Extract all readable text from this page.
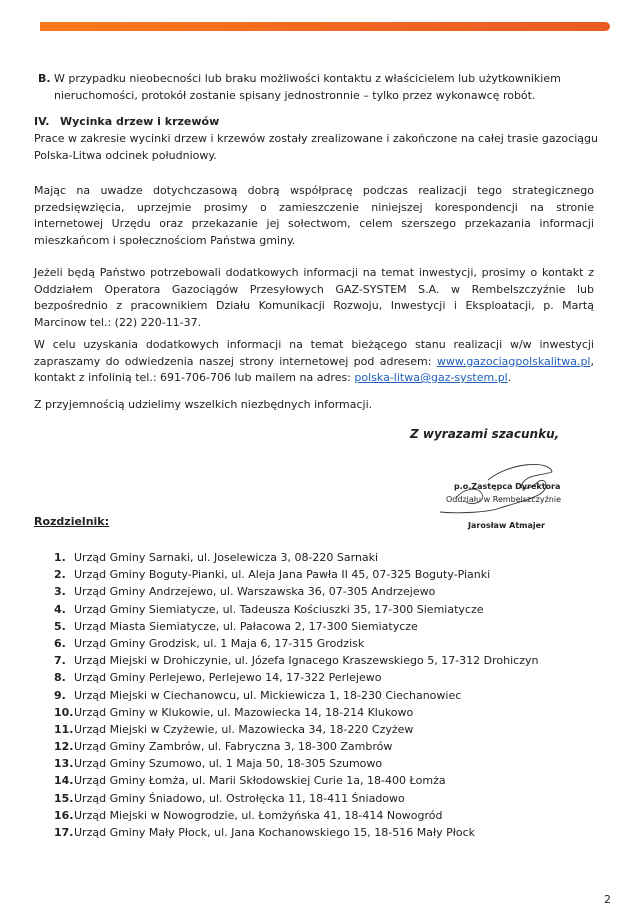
B. W przypadku nieobecności lub braku możliwości kontaktu z właścicielem lub użytkownikiem
nieruchomości, protokół zostanie spisany jednostronnie – tylko przez wykonawcę robót.
IV. Wycinka drzew i krzewów
Prace w zakresie wycinki drzew i krzewów zostały zrealizowane i zakończone na całej trasie gazociągu Polska-Litwa odcinek południowy.
Mając na uwadze dotychczasową dobrą współpracę podczas realizacji tego strategicznego przedsięwzięcia, uprzejmie prosimy o zamieszczenie niniejszej korespondencji na stronie internetowej Urzędu oraz przekazanie jej sołectwom, celem szerszego przekazania informacji mieszkańcom i społecznościom Państwa gminy.
Jeżeli będą Państwo potrzebowali dodatkowych informacji na temat inwestycji, prosimy o kontakt z Oddziałem Operatora Gazociągów Przesyłowych GAZ-SYSTEM S.A. w Rembelszczyźnie lub bezpośrednio z pracownikiem Działu Komunikacji Rozwoju, Inwestycji i Eksploatacji, p. Martą Marcinow tel.: (22) 220-11-37.
W celu uzyskania dodatkowych informacji na temat bieżącego stanu realizacji w/w inwestycji zapraszamy do odwiedzenia naszej strony internetowej pod adresem: www.gazociagpolskalitwa.pl, kontakt z infolinią tel.: 691-706-706 lub mailem na adres: polska-litwa@gaz-system.pl.
Z przyjemnością udzielimy wszelkich niezbędnych informacji.
Z wyrazami szacunku,
p.o.Zastępca Dyrektora
Oddziału w Rembelszczyźnie
Jarosław Atmajer
Rozdzielnik:
1. Urząd Gminy Sarnaki, ul. Joselewicza 3, 08-220 Sarnaki
2. Urząd Gminy Boguty-Pianki, ul. Aleja Jana Pawła II 45, 07-325 Boguty-Pianki
3. Urząd Gminy Andrzejewo, ul. Warszawska 36, 07-305 Andrzejewo
4. Urząd Gminy Siemiatycze, ul. Tadeusza Kościuszki 35, 17-300 Siemiatycze
5. Urząd Miasta Siemiatycze, ul. Pałacowa 2, 17-300 Siemiatycze
6. Urząd Gminy Grodzisk, ul. 1 Maja 6, 17-315 Grodzisk
7. Urząd Miejski w Drohiczynie, ul. Józefa Ignacego Kraszewskiego 5, 17-312 Drohiczyn
8. Urząd Gminy Perlejewo, Perlejewo 14, 17-322 Perlejewo
9. Urząd Miejski w Ciechanowcu, ul. Mickiewicza 1, 18-230 Ciechanowiec
10.Urząd Gminy w Klukowie, ul. Mazowiecka 14, 18-214 Klukowo
11.Urząd Miejski w Czyżewie, ul. Mazowiecka 34, 18-220 Czyżew
12.Urząd Gminy Zambrów, ul. Fabryczna 3, 18-300 Zambrów
13.Urząd Gminy Szumowo, ul. 1 Maja 50, 18-305 Szumowo
14.Urząd Gminy Łomża, ul. Marii Skłodowskiej Curie 1a, 18-400 Łomża
15.Urząd Gminy Śniadowo, ul. Ostrołęcka 11, 18-411 Śniadowo
16.Urząd Miejski w Nowogrodzie, ul. Łomżyńska 41, 18-414 Nowogród
17.Urząd Gminy Mały Płock, ul. Jana Kochanowskiego 15, 18-516 Mały Płock
2
